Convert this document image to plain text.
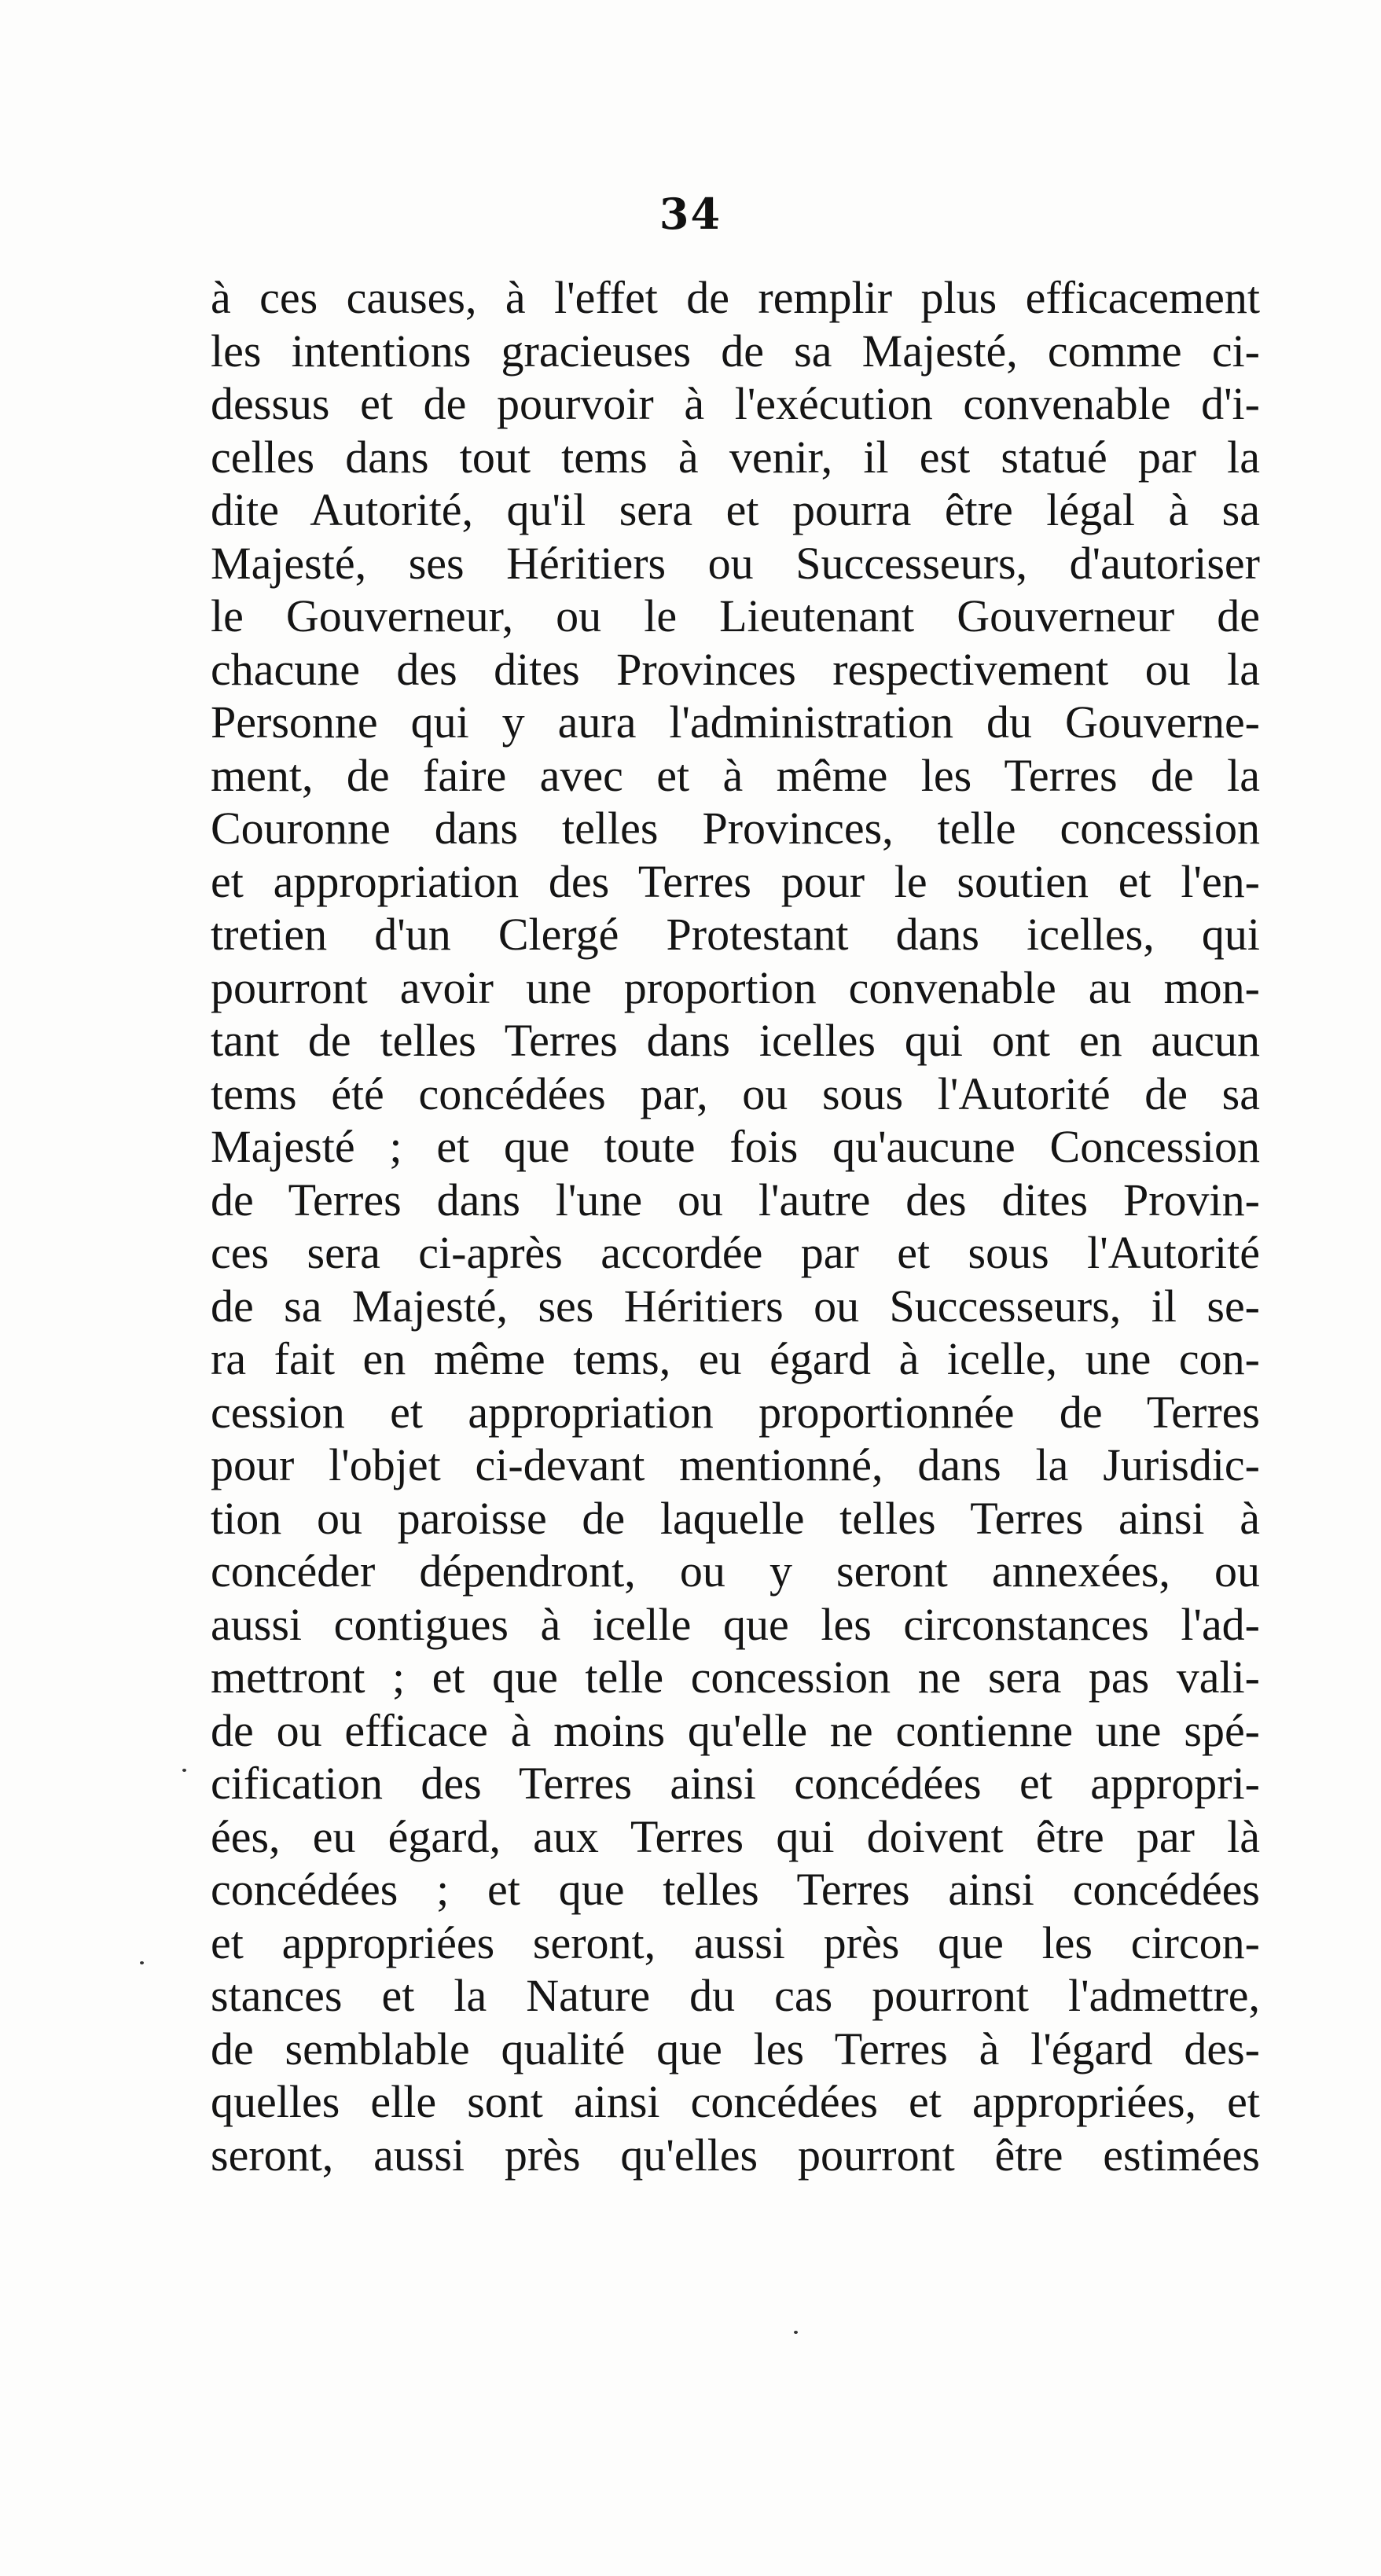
34
à ces causes, à l'effet de remplir plus efficacement
les intentions gracieuses de sa Majesté, comme ci-
dessus et de pourvoir à l'exécution convenable d'i-
celles dans tout tems à venir, il est statué par la
dite Autorité, qu'il sera et pourra être légal à sa
Majesté, ses Héritiers ou Successeurs, d'autoriser
le Gouverneur, ou le Lieutenant Gouverneur de
chacune des dites Provinces respectivement ou la
Personne qui y aura l'administration du Gouverne-
ment, de faire avec et à même les Terres de la
Couronne dans telles Provinces, telle concession
et appropriation des Terres pour le soutien et l'en-
tretien d'un Clergé Protestant dans icelles, qui
pourront avoir une proportion convenable au mon-
tant de telles Terres dans icelles qui ont en aucun
tems été concédées par, ou sous l'Autorité de sa
Majesté ; et que toute fois qu'aucune Concession
de Terres dans l'une ou l'autre des dites Provin-
ces sera ci-après accordée par et sous l'Autorité
de sa Majesté, ses Héritiers ou Successeurs, il se-
ra fait en même tems, eu égard à icelle, une con-
cession et appropriation proportionnée de Terres
pour l'objet ci-devant mentionné, dans la Jurisdic-
tion ou paroisse de laquelle telles Terres ainsi à
concéder dépendront, ou y seront annexées, ou
aussi contigues à icelle que les circonstances l'ad-
mettront ; et que telle concession ne sera pas vali-
de ou efficace à moins qu'elle ne contienne une spé-
cification des Terres ainsi concédées et appropri-
ées, eu égard, aux Terres qui doivent être par là
concédées ; et que telles Terres ainsi concédées
et appropriées seront, aussi près que les circon-
stances et la Nature du cas pourront l'admettre,
de semblable qualité que les Terres à l'égard des-
quelles elle sont ainsi concédées et appropriées, et
seront, aussi près qu'elles pourront être estimées
